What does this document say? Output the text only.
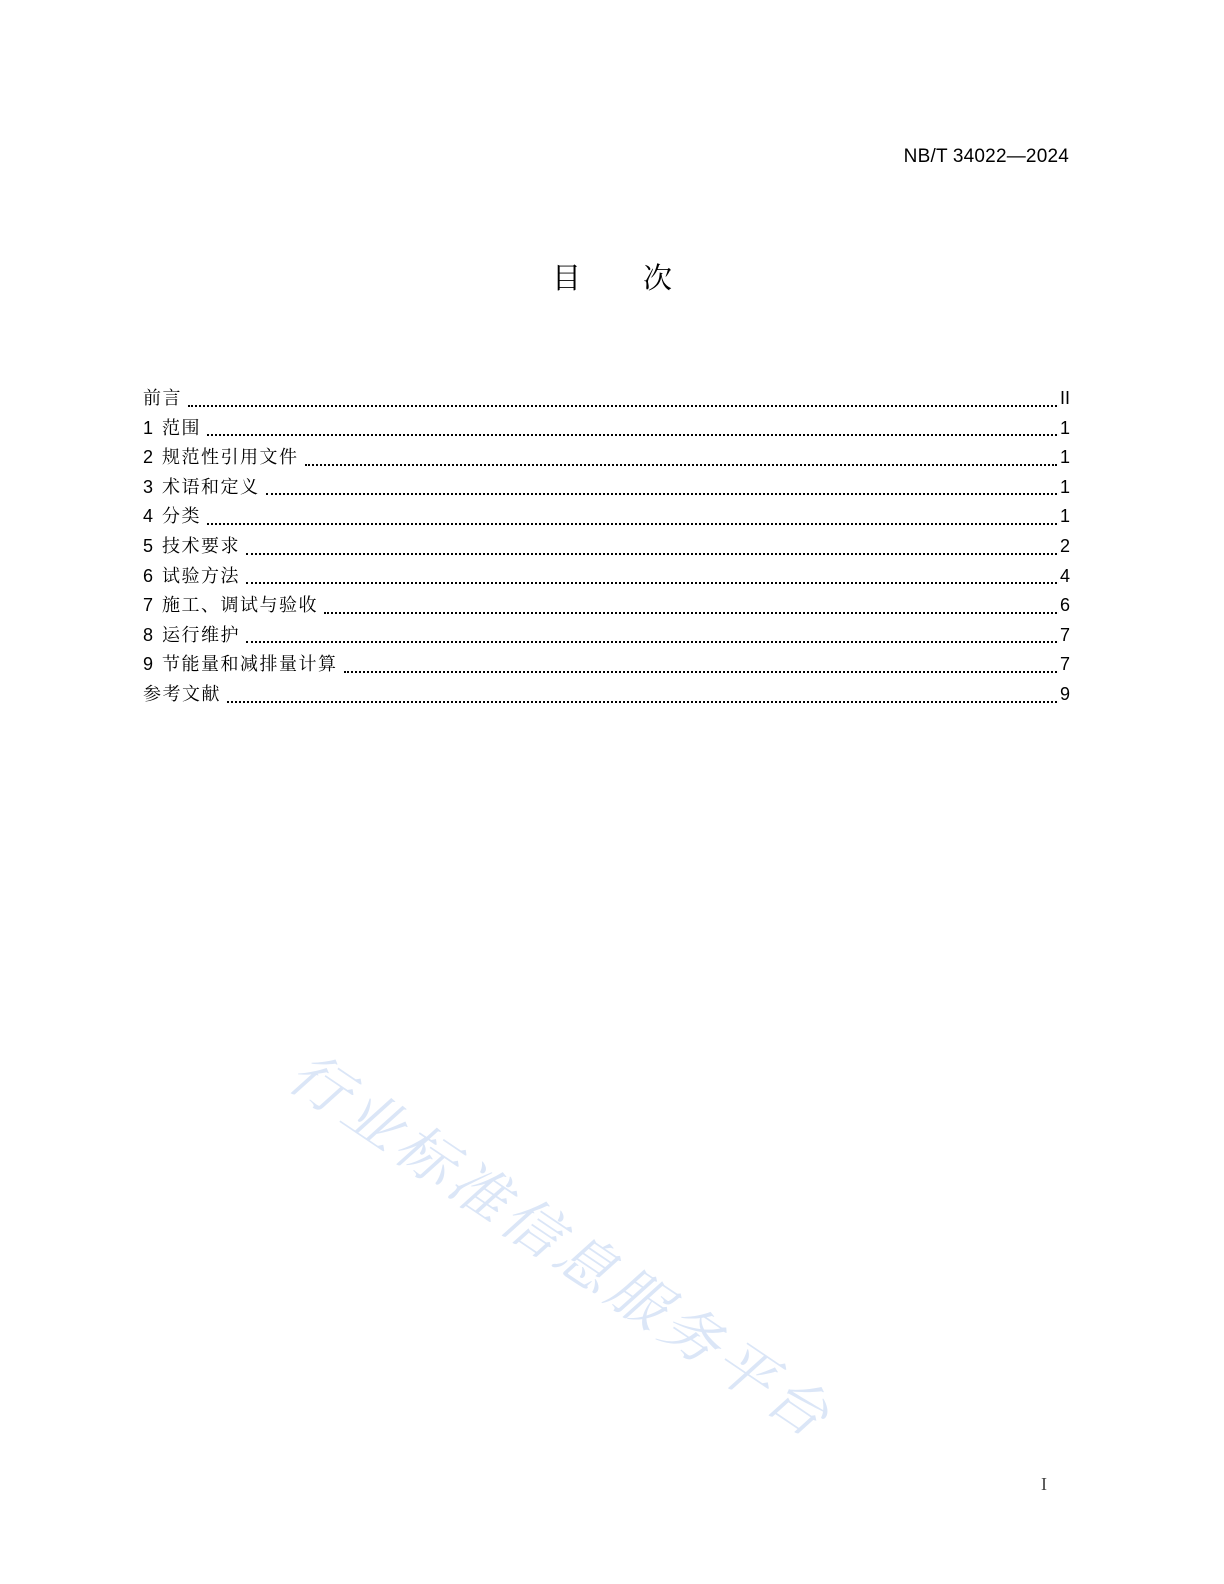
NB/T 34022—2024
目次
前言	II
1 范围	1
2 规范性引用文件	1
3 术语和定义	1
4 分类	1
5 技术要求	2
6 试验方法	4
7 施工、调试与验收	6
8 运行维护	7
9 节能量和减排量计算	7
参考文献	9
行业标准信息服务平台
I
